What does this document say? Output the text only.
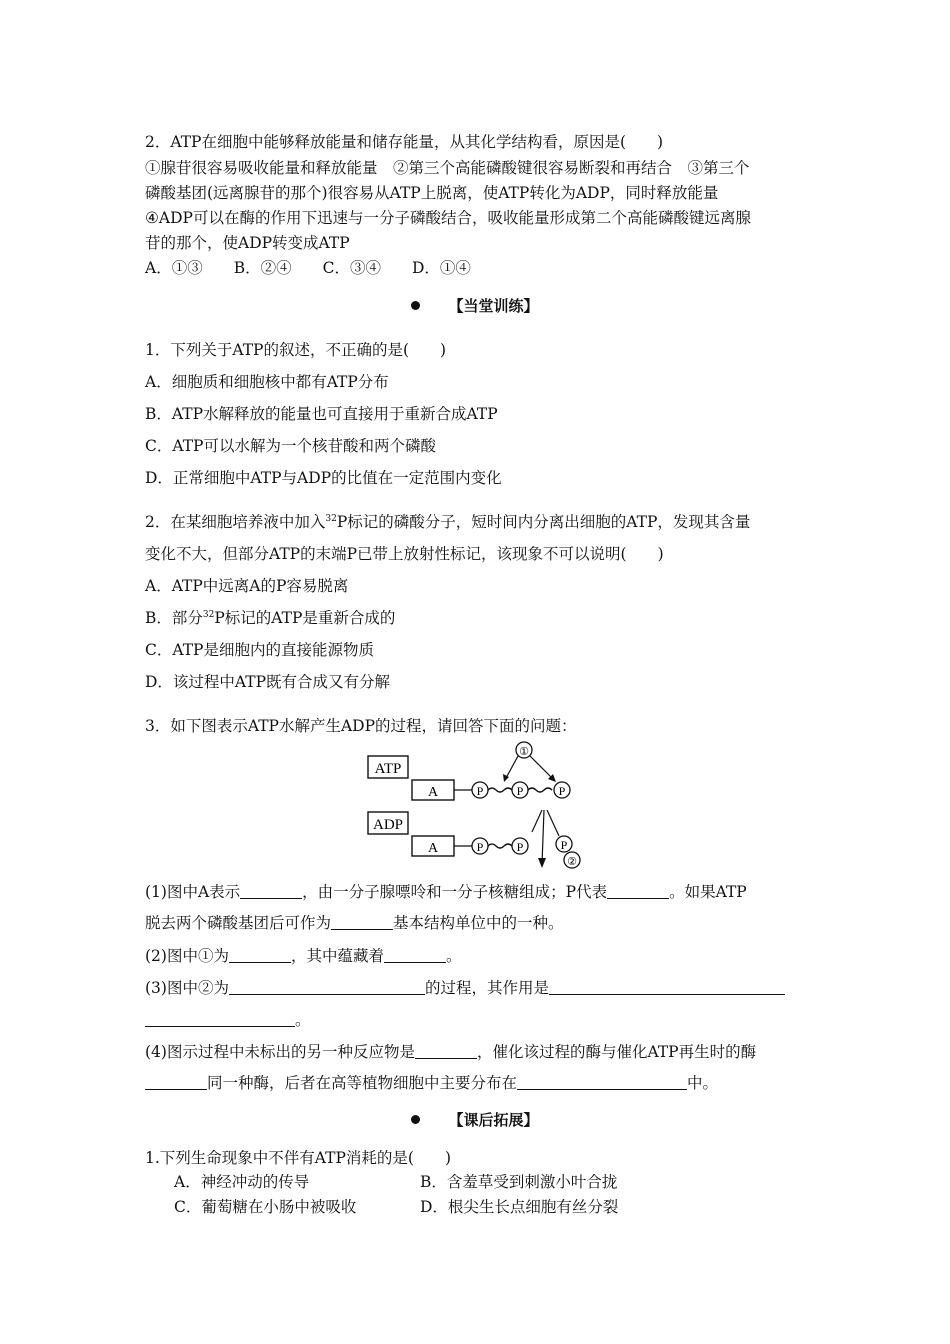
2．ATP在细胞中能够释放能量和储存能量，从其化学结构看，原因是(　　)
①腺苷很容易吸收能量和释放能量　②第三个高能磷酸键很容易断裂和再结合　③第三个
磷酸基团(远离腺苷的那个)很容易从ATP上脱离，使ATP转化为ADP，同时释放能量
④ADP可以在酶的作用下迅速与一分子磷酸结合，吸收能量形成第二个高能磷酸键远离腺
苷的那个，使ADP转变成ATP
A．①③　　B．②④　　C．③④　　D．①④
【当堂训练】
1．下列关于ATP的叙述，不正确的是(　　)
A．细胞质和细胞核中都有ATP分布
B．ATP水解释放的能量也可直接用于重新合成ATP
C．ATP可以水解为一个核苷酸和两个磷酸
D．正常细胞中ATP与ADP的比值在一定范围内变化
2．在某细胞培养液中加入$^{32}$P标记的磷酸分子，短时间内分离出细胞的ATP，发现其含量
变化不大，但部分ATP的末端P已带上放射性标记，该现象不可以说明(　　)
A．ATP中远离A的P容易脱离
B．部分$^{32}$P标记的ATP是重新合成的
C．ATP是细胞内的直接能源物质
D．该过程中ATP既有合成又有分解
3．如下图表示ATP水解产生ADP的过程，请回答下面的问题：
ATP
A	P	P	P
①
ADP
A	P	P	P
②
(1)图中A表示	，由一分子腺嘌呤和一分子核糖组成；P代表	。如果ATP
脱去两个磷酸基团后可作为	基本结构单位中的一种。
(2)图中①为	，其中蕴藏着	。
(3)图中②为	的过程，其作用是
。
(4)图示过程中未标出的另一种反应物是	，催化该过程的酶与催化ATP再生时的酶
同一种酶，后者在高等植物细胞中主要分布在	中。
【课后拓展】
1.下列生命现象中不伴有ATP消耗的是(　　)
A．神经冲动的传导	B．含羞草受到刺激小叶合拢
C．葡萄糖在小肠中被吸收	D．根尖生长点细胞有丝分裂
